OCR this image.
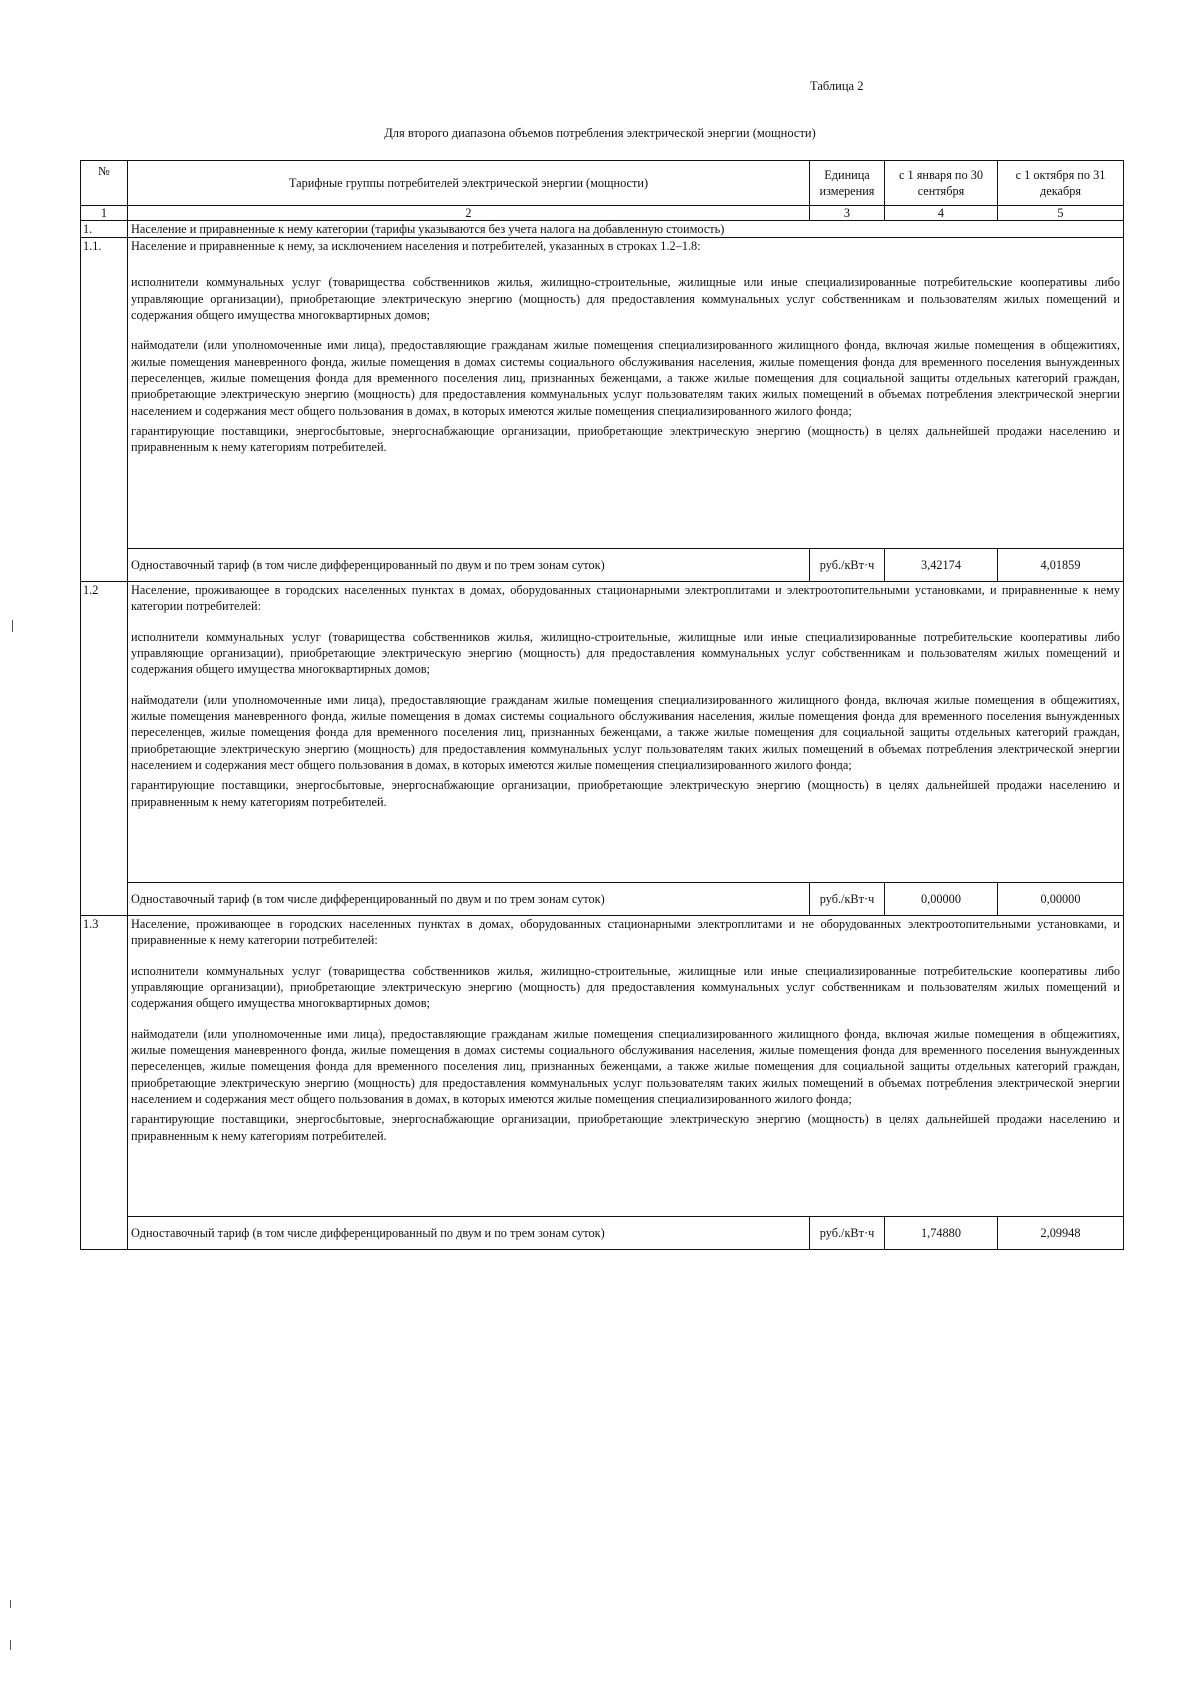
Таблица 2
Для второго диапазона объемов потребления электрической энергии (мощности)
№	Тарифные группы потребителей электрической энергии (мощности)	Единица измерения	с 1 января по 30 сентября	с 1 октября по 31 декабря
1	2	3	4	5
1.	Население и приравненные к нему категории (тарифы указываются без учета налога на добавленную стоимость)			
1.1.	Население и приравненные к нему, за исключением населения и потребителей, указанных в строках 1.2–1.8:

исполнители коммунальных услуг (товарищества собственников жилья, жилищно-строительные, жилищные или иные специализированные потребительские кооперативы либо управляющие организации), приобретающие электрическую энергию (мощность) для предоставления коммунальных услуг собственникам и пользователям жилых помещений и содержания общего имущества многоквартирных домов;

наймодатели (или уполномоченные ими лица), предоставляющие гражданам жилые помещения специализированного жилищного фонда, включая жилые помещения в общежитиях, жилые помещения маневренного фонда, жилые помещения в домах системы социального обслуживания населения, жилые помещения фонда для временного поселения вынужденных переселенцев, жилые помещения фонда для временного поселения лиц, признанных беженцами, а также жилые помещения для социальной защиты отдельных категорий граждан, приобретающие электрическую энергию (мощность) для предоставления коммунальных услуг пользователям таких жилых помещений в объемах потребления электрической энергии населением и содержания мест общего пользования в домах, в которых имеются жилые помещения специализированного жилого фонда;

гарантирующие поставщики, энергосбытовые, энергоснабжающие организации, приобретающие электрическую энергию (мощность) в целях дальнейшей продажи населению и приравненным к нему категориям потребителей.			

	Одноставочный тариф (в том числе дифференцированный по двум и по трем зонам суток)	руб./кВт·ч	3,42174	4,01859
1.2	Население, проживающее в городских населенных пунктах в домах, оборудованных стационарными электроплитами и электроотопительными установками, и приравненные к нему категории потребителей:

исполнители коммунальных услуг (товарищества собственников жилья, жилищно-строительные, жилищные или иные специализированные потребительские кооперативы либо управляющие организации), приобретающие электрическую энергию (мощность) для предоставления коммунальных услуг собственникам и пользователям жилых помещений и содержания общего имущества многоквартирных домов;

наймодатели (или уполномоченные ими лица), предоставляющие гражданам жилые помещения специализированного жилищного фонда, включая жилые помещения в общежитиях, жилые помещения маневренного фонда, жилые помещения в домах системы социального обслуживания населения, жилые помещения фонда для временного поселения вынужденных переселенцев, жилые помещения фонда для временного поселения лиц, признанных беженцами, а также жилые помещения для социальной защиты отдельных категорий граждан, приобретающие электрическую энергию (мощность) для предоставления коммунальных услуг пользователям таких жилых помещений в объемах потребления электрической энергии населением и содержания мест общего пользования в домах, в которых имеются жилые помещения специализированного жилого фонда;

гарантирующие поставщики, энергосбытовые, энергоснабжающие организации, приобретающие электрическую энергию (мощность) в целях дальнейшей продажи населению и приравненным к нему категориям потребителей.			

	Одноставочный тариф (в том числе дифференцированный по двум и по трем зонам суток)	руб./кВт·ч	0,00000	0,00000
1.3	Население, проживающее в городских населенных пунктах в домах, оборудованных стационарными электроплитами и не оборудованных электроотопительными установками, и приравненные к нему категории потребителей:

исполнители коммунальных услуг (товарищества собственников жилья, жилищно-строительные, жилищные или иные специализированные потребительские кооперативы либо управляющие организации), приобретающие электрическую энергию (мощность) для предоставления коммунальных услуг собственникам и пользователям жилых помещений и содержания общего имущества многоквартирных домов;

наймодатели (или уполномоченные ими лица), предоставляющие гражданам жилые помещения специализированного жилищного фонда, включая жилые помещения в общежитиях, жилые помещения маневренного фонда, жилые помещения в домах системы социального обслуживания населения, жилые помещения фонда для временного поселения вынужденных переселенцев, жилые помещения фонда для временного поселения лиц, признанных беженцами, а также жилые помещения для социальной защиты отдельных категорий граждан, приобретающие электрическую энергию (мощность) для предоставления коммунальных услуг пользователям таких жилых помещений в объемах потребления электрической энергии населением и содержания мест общего пользования в домах, в которых имеются жилые помещения специализированного жилого фонда;

гарантирующие поставщики, энергосбытовые, энергоснабжающие организации, приобретающие электрическую энергию (мощность) в целях дальнейшей продажи населению и приравненным к нему категориям потребителей.			

	Одноставочный тариф (в том числе дифференцированный по двум и по трем зонам суток)	руб./кВт·ч	1,74880	2,09948
